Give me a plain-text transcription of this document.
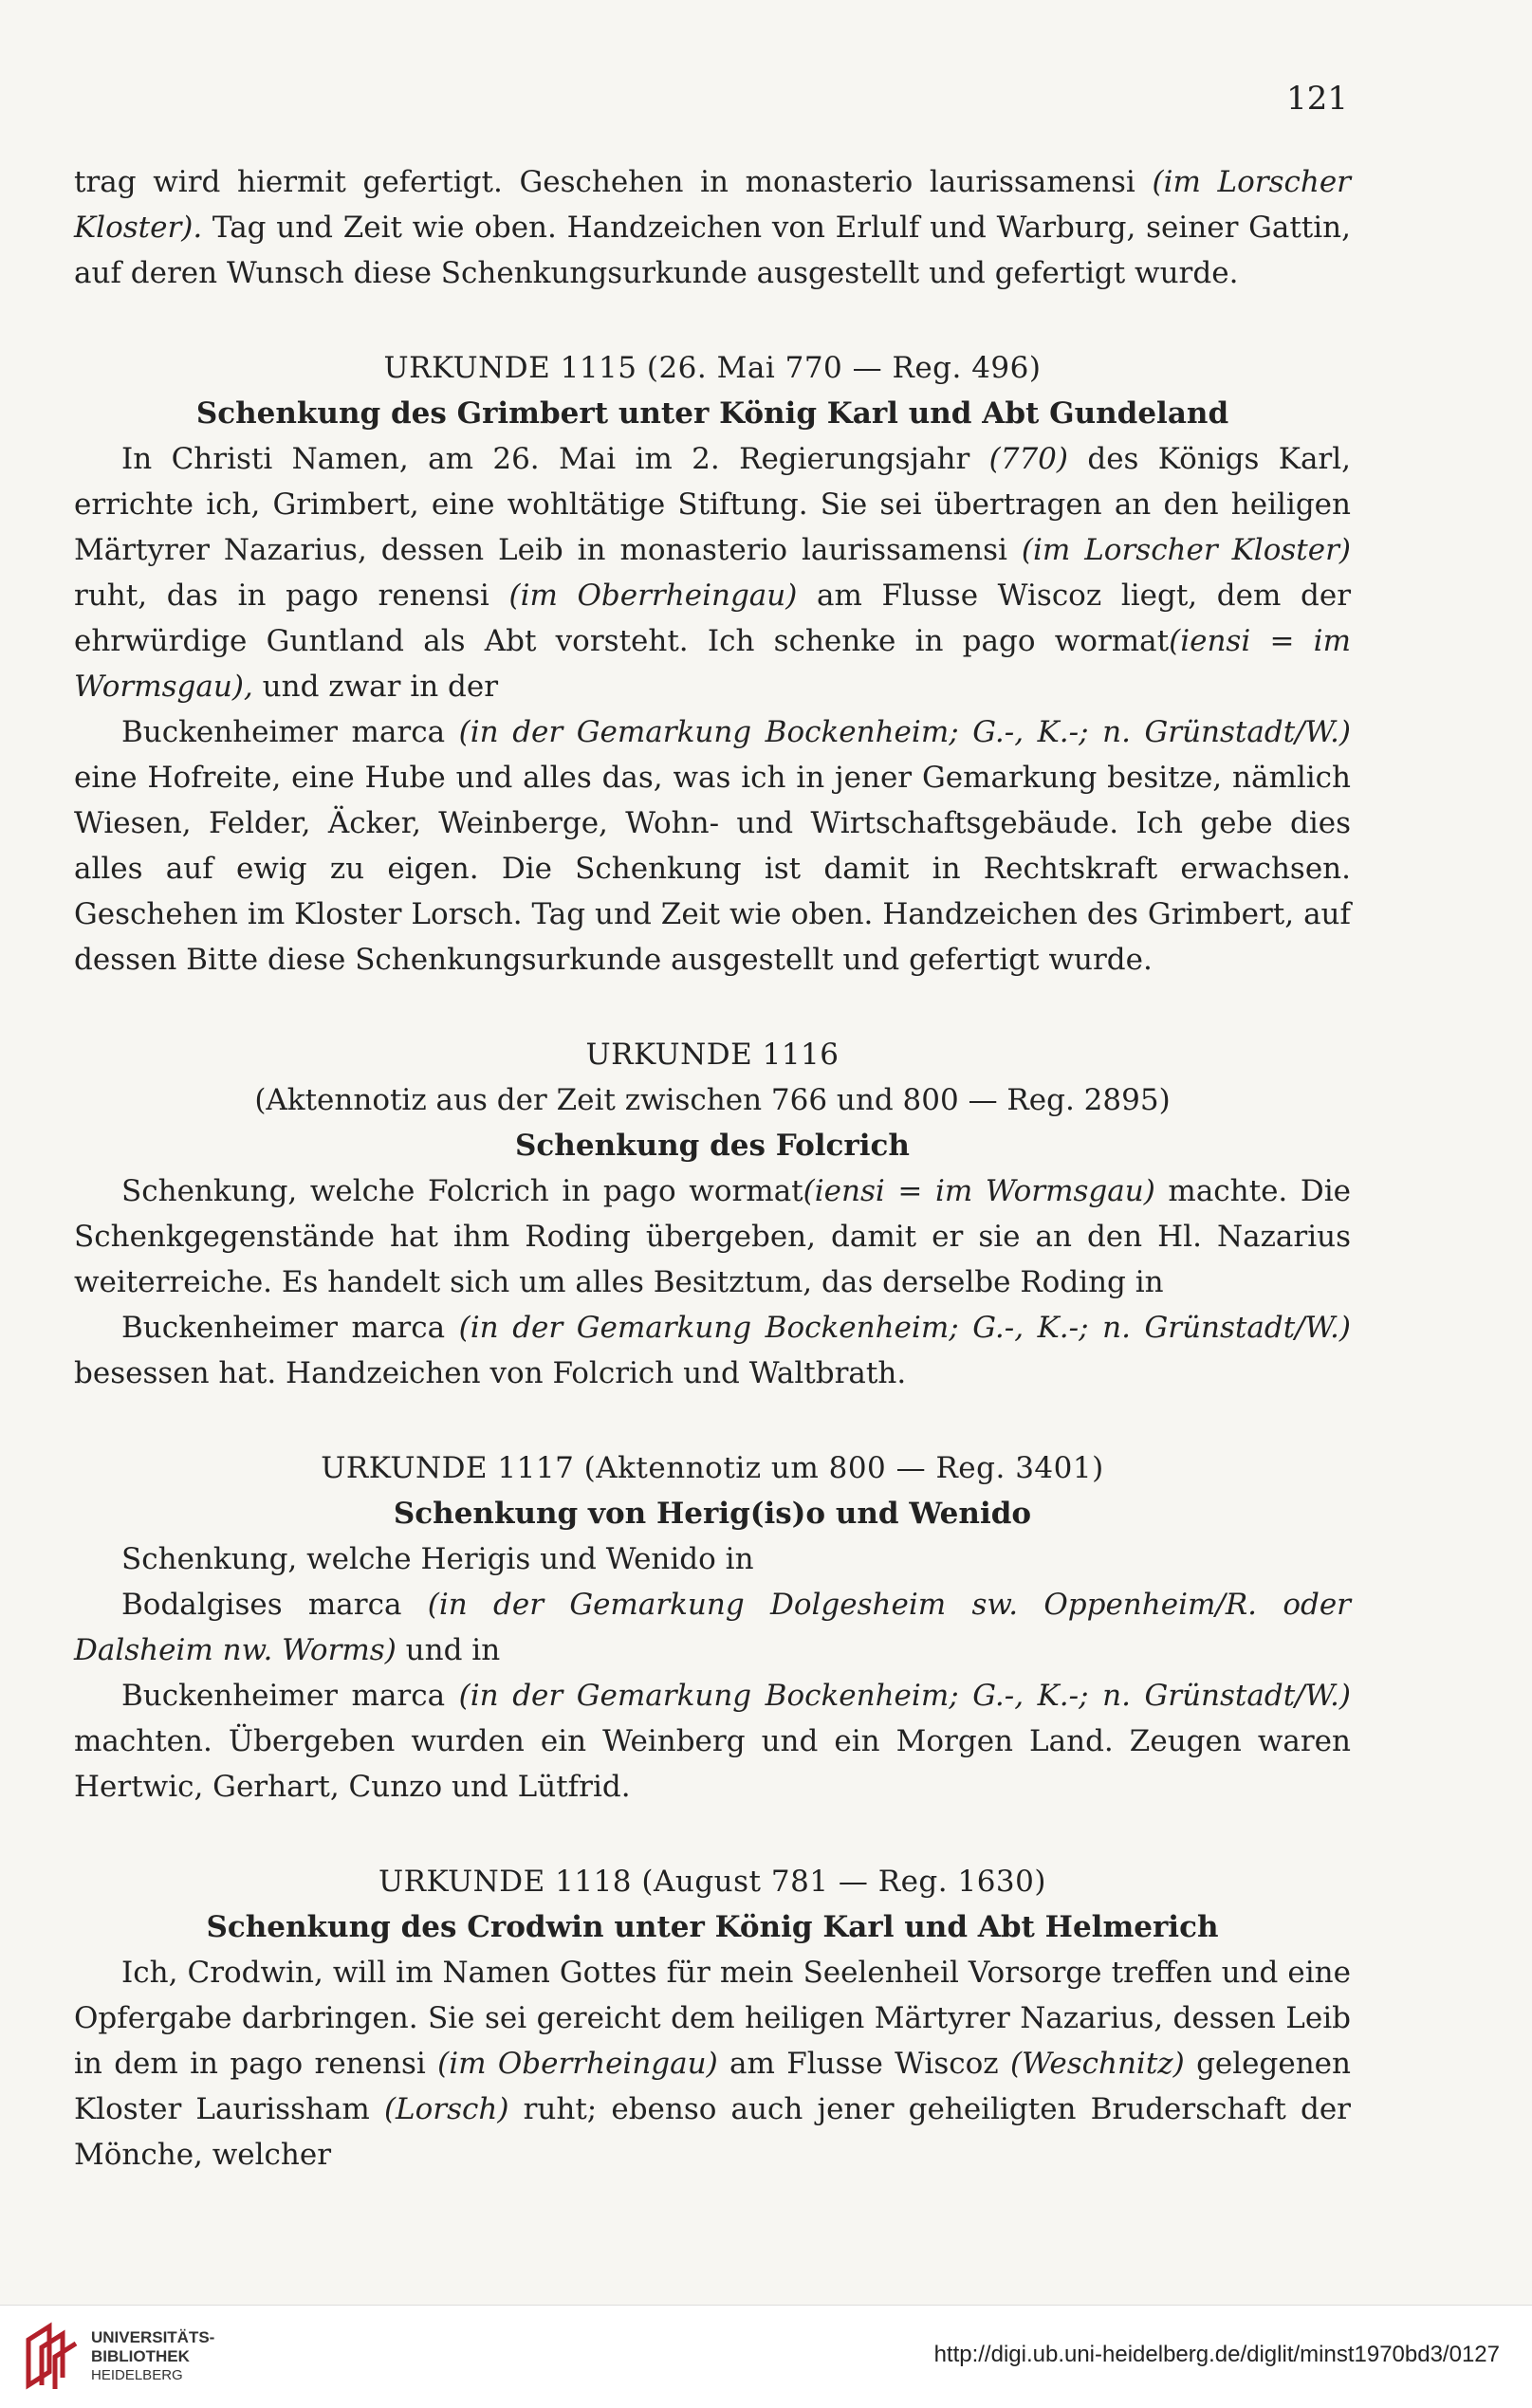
121

trag wird hiermit gefertigt. Geschehen in monasterio laurissamensi (im Lorscher Kloster). Tag und Zeit wie oben. Handzeichen von Erlulf und Warburg, seiner Gattin, auf deren Wunsch diese Schenkungsurkunde ausgestellt und gefertigt wurde.

URKUNDE 1115 (26. Mai 770 — Reg. 496)

Schenkung des Grimbert unter König Karl und Abt Gundeland

In Christi Namen, am 26. Mai im 2. Regierungsjahr (770) des Königs Karl, errichte ich, Grimbert, eine wohltätige Stiftung. Sie sei übertragen an den heiligen Märtyrer Nazarius, dessen Leib in monasterio laurissamensi (im Lorscher Kloster) ruht, das in pago renensi (im Oberrheingau) am Flusse Wiscoz liegt, dem der ehrwürdige Guntland als Abt vorsteht. Ich schenke in pago wormat(iensi = im Wormsgau), und zwar in der

Buckenheimer marca (in der Gemarkung Bockenheim; G.-, K.-; n. Grünstadt/W.) eine Hofreite, eine Hube und alles das, was ich in jener Gemarkung besitze, nämlich Wiesen, Felder, Äcker, Weinberge, Wohn- und Wirtschaftsgebäude. Ich gebe dies alles auf ewig zu eigen. Die Schenkung ist damit in Rechtskraft erwachsen. Geschehen im Kloster Lorsch. Tag und Zeit wie oben. Handzeichen des Grimbert, auf dessen Bitte diese Schenkungsurkunde ausgestellt und gefertigt wurde.

URKUNDE 1116

(Aktennotiz aus der Zeit zwischen 766 und 800 — Reg. 2895)

Schenkung des Folcrich

Schenkung, welche Folcrich in pago wormat(iensi = im Wormsgau) machte. Die Schenkgegenstände hat ihm Roding übergeben, damit er sie an den Hl. Nazarius weiterreiche. Es handelt sich um alles Besitztum, das derselbe Roding in

Buckenheimer marca (in der Gemarkung Bockenheim; G.-, K.-; n. Grünstadt/W.) besessen hat. Handzeichen von Folcrich und Waltbrath.

URKUNDE 1117 (Aktennotiz um 800 — Reg. 3401)

Schenkung von Herig(is)o und Wenido

Schenkung, welche Herigis und Wenido in

Bodalgises marca (in der Gemarkung Dolgesheim sw. Oppenheim/R. oder Dalsheim nw. Worms) und in

Buckenheimer marca (in der Gemarkung Bockenheim; G.-, K.-; n. Grünstadt/W.) machten. Übergeben wurden ein Weinberg und ein Morgen Land. Zeugen waren Hertwic, Gerhart, Cunzo und Lütfrid.

URKUNDE 1118 (August 781 — Reg. 1630)

Schenkung des Crodwin unter König Karl und Abt Helmerich

Ich, Crodwin, will im Namen Gottes für mein Seelenheil Vorsorge treffen und eine Opfergabe darbringen. Sie sei gereicht dem heiligen Märtyrer Nazarius, dessen Leib in dem in pago renensi (im Oberrheingau) am Flusse Wiscoz (Weschnitz) gelegenen Kloster Laurissham (Lorsch) ruht; ebenso auch jener geheiligten Bruderschaft der Mönche, welcher

UNIVERSITÄTS-
BIBLIOTHEK
HEIDELBERG
http://digi.ub.uni-heidelberg.de/diglit/minst1970bd3/0127
